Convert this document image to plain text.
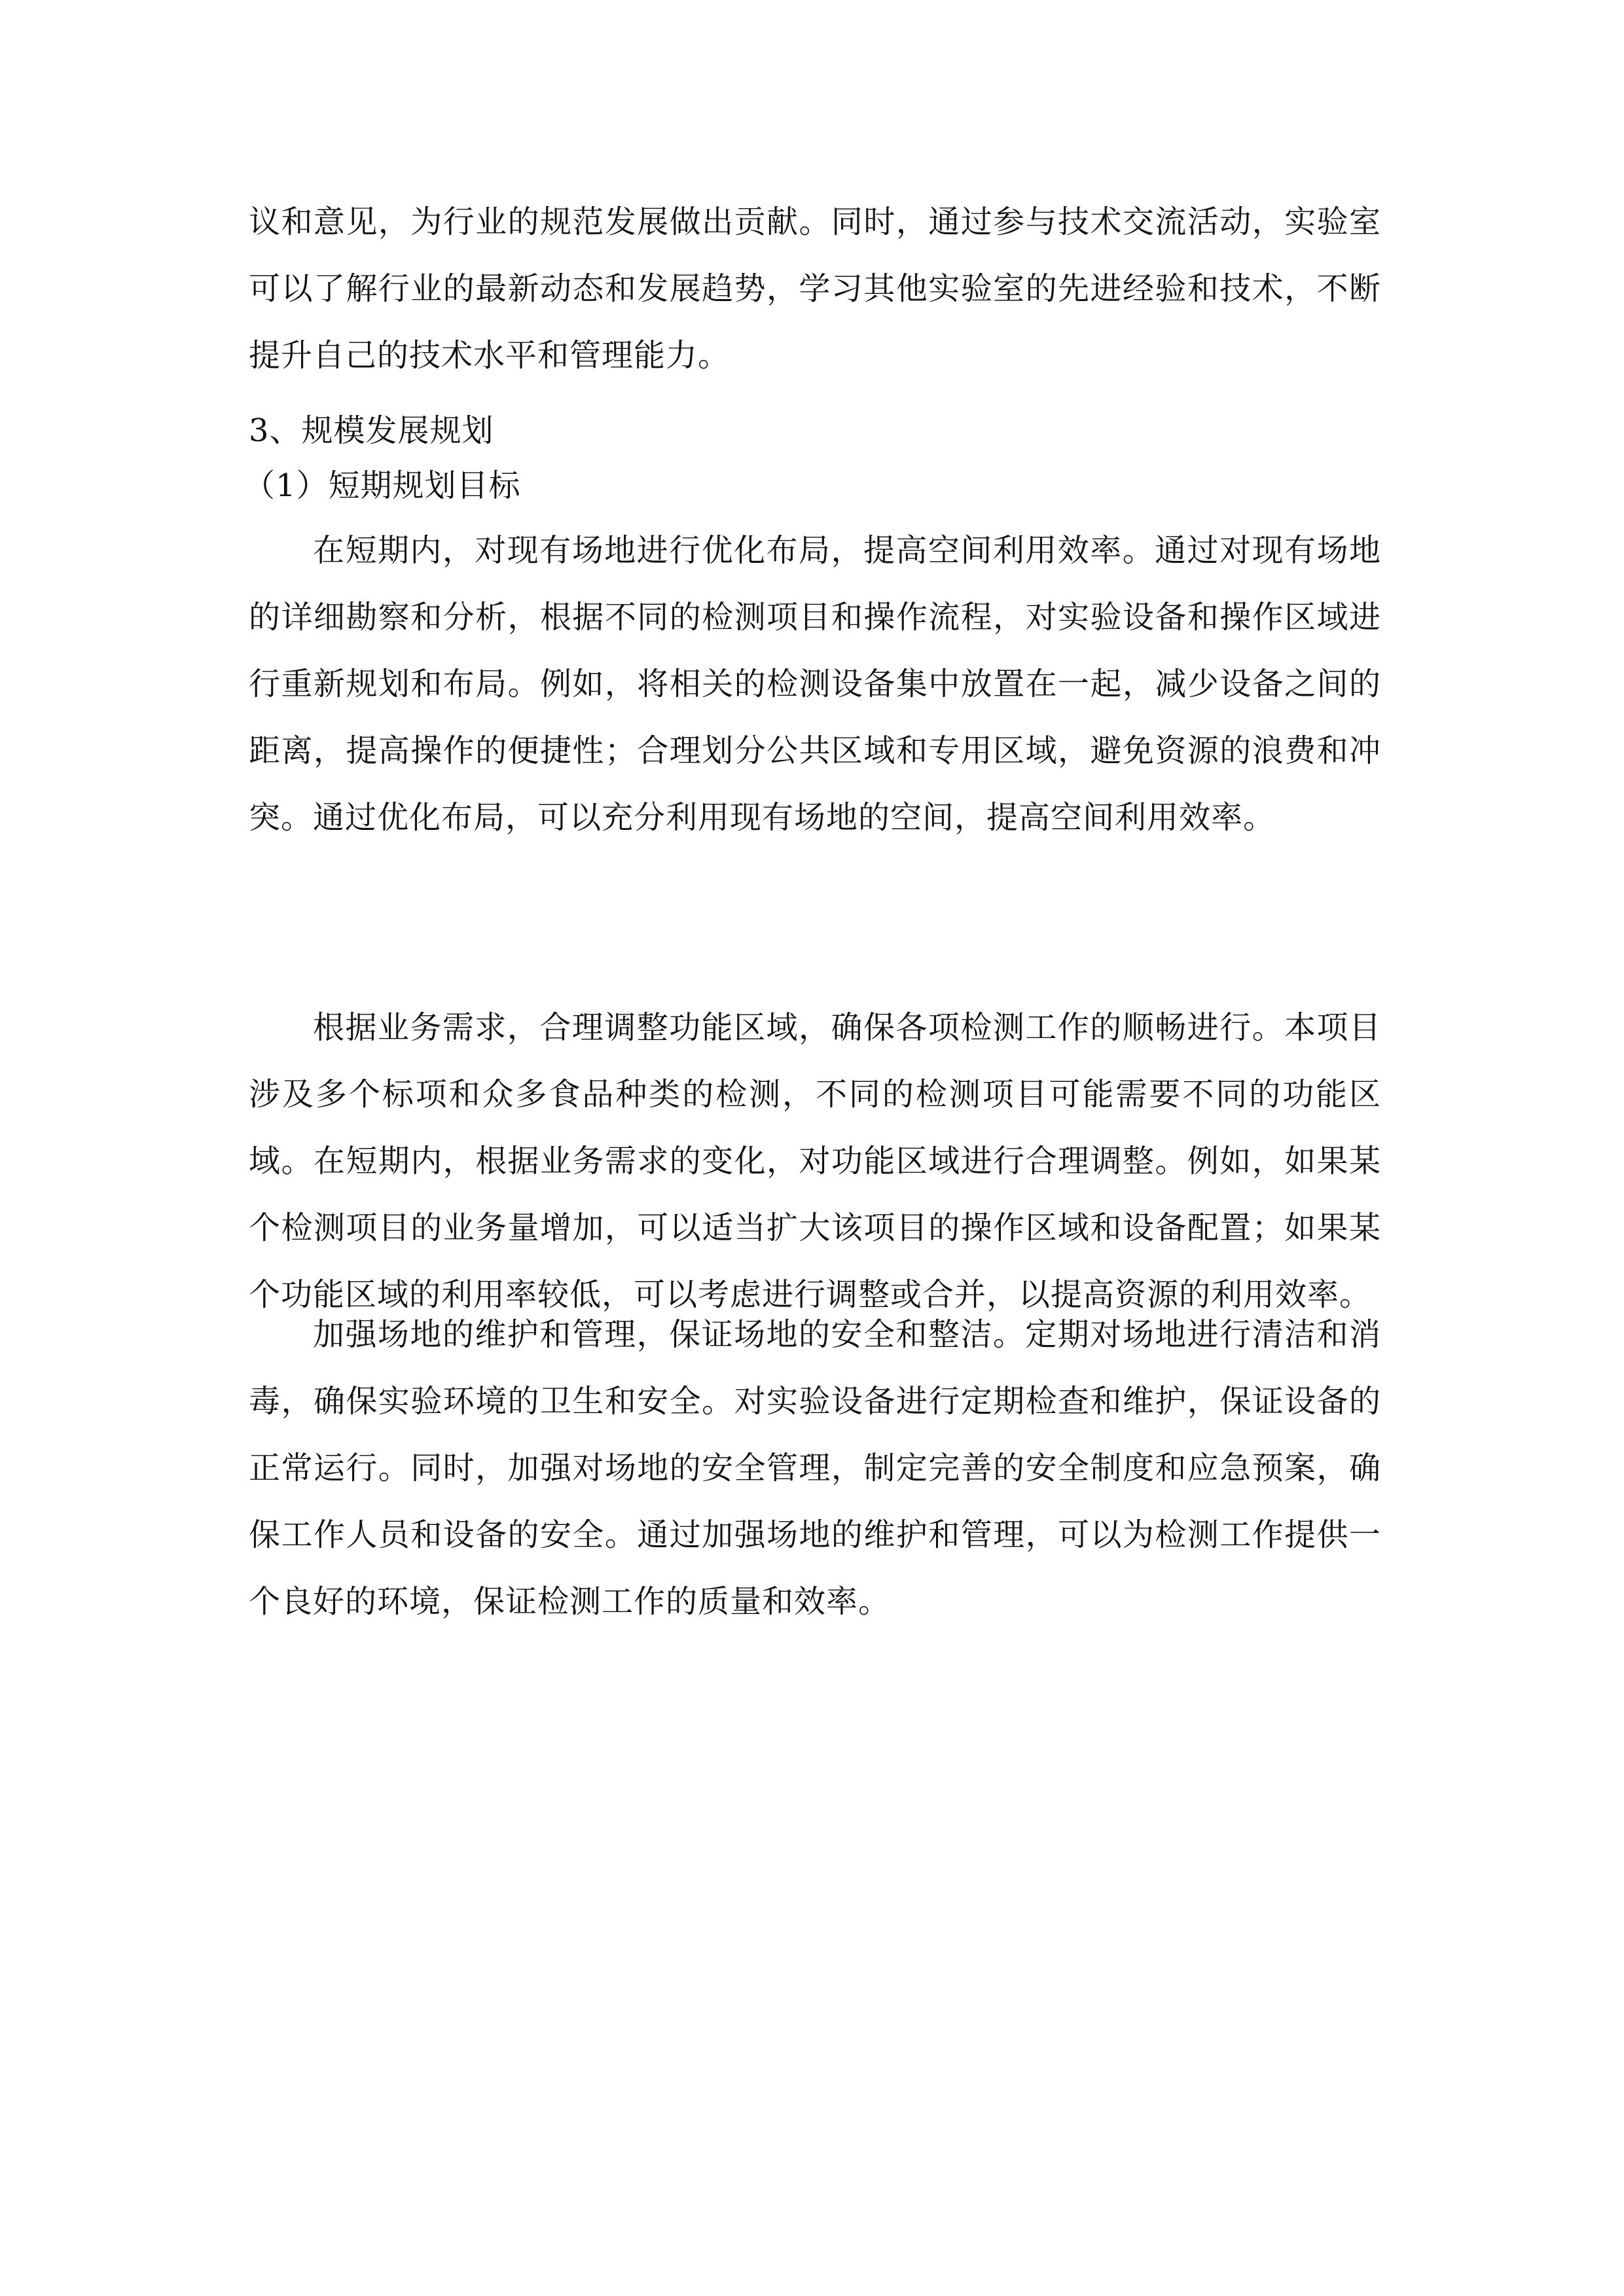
议和意见，为行业的规范发展做出贡献。同时，通过参与技术交流活动，实验室可以了解行业的最新动态和发展趋势，学习其他实验室的先进经验和技术，不断提升自己的技术水平和管理能力。

3、规模发展规划
（1）短期规划目标

在短期内，对现有场地进行优化布局，提高空间利用效率。通过对现有场地的详细勘察和分析，根据不同的检测项目和操作流程，对实验设备和操作区域进行重新规划和布局。例如，将相关的检测设备集中放置在一起，减少设备之间的距离，提高操作的便捷性；合理划分公共区域和专用区域，避免资源的浪费和冲突。通过优化布局，可以充分利用现有场地的空间，提高空间利用效率。

根据业务需求，合理调整功能区域，确保各项检测工作的顺畅进行。本项目涉及多个标项和众多食品种类的检测，不同的检测项目可能需要不同的功能区域。在短期内，根据业务需求的变化，对功能区域进行合理调整。例如，如果某个检测项目的业务量增加，可以适当扩大该项目的操作区域和设备配置；如果某个功能区域的利用率较低，可以考虑进行调整或合并，以提高资源的利用效率。

加强场地的维护和管理，保证场地的安全和整洁。定期对场地进行清洁和消毒，确保实验环境的卫生和安全。对实验设备进行定期检查和维护，保证设备的正常运行。同时，加强对场地的安全管理，制定完善的安全制度和应急预案，确保工作人员和设备的安全。通过加强场地的维护和管理，可以为检测工作提供一个良好的环境，保证检测工作的质量和效率。
